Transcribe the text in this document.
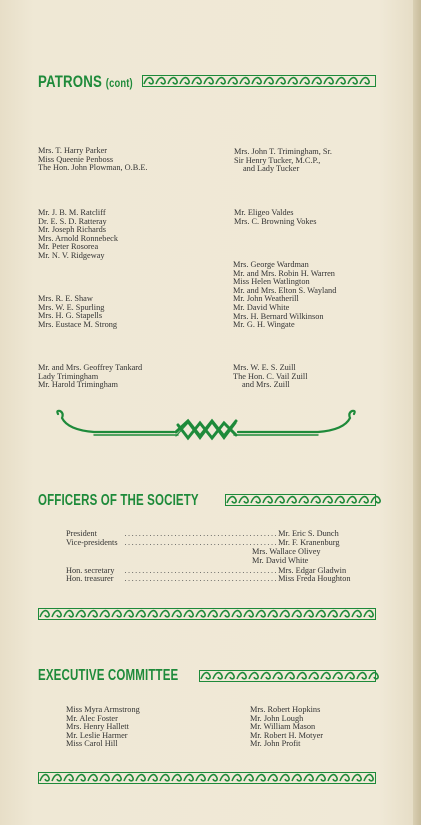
PATRONS (cont)
Mrs. T. Harry Parker
Miss Queenie Penboss
The Hon. John Plowman, O.B.E.
Mrs. John T. Trimingham, Sr.
Sir Henry Tucker, M.C.P.,
and Lady Tucker
Mr. J. B. M. Ratcliff
Dr. E. S. D. Ratteray
Mr. Joseph Richards
Mrs. Arnold Ronnebeck
Mr. Peter Rosorea
Mr. N. V. Ridgeway
Mr. Eligeo Valdes
Mrs. C. Browning Vokes
Mrs. R. E. Shaw
Mrs. W. E. Spurling
Mrs. H. G. Stapells
Mrs. Eustace M. Strong
Mrs. George Wardman
Mr. and Mrs. Robin H. Warren
Miss Helen Watlington
Mr. and Mrs. Elton S. Wayland
Mr. John Weatherill
Mr. David White
Mrs. H. Bernard Wilkinson
Mr. G. H. Wingate
Mr. and Mrs. Geoffrey Tankard
Lady Trimingham
Mr. Harold Trimingham
Mrs. W. E. S. Zuill
The Hon. C. Vail Zuill
and Mrs. Zuill
OFFICERS OF THE SOCIETY
President	........................................... Mr. Eric S. Dunch
Vice-presidents ........................................... Mr. F. Kranenburg
Mrs. Wallace Olivey
Mr. David White
Hon. secretary	........................................... Mrs. Edgar Gladwin
Hon. treasurer	........................................... Miss Freda Houghton
EXECUTIVE COMMITTEE
Miss Myra Armstrong
Mr. Alec Foster
Mrs. Henry Hallett
Mr. Leslie Harmer
Miss Carol Hill
Mrs. Robert Hopkins
Mr. John Lough
Mr. William Mason
Mr. Robert H. Motyer
Mr. John Profit
